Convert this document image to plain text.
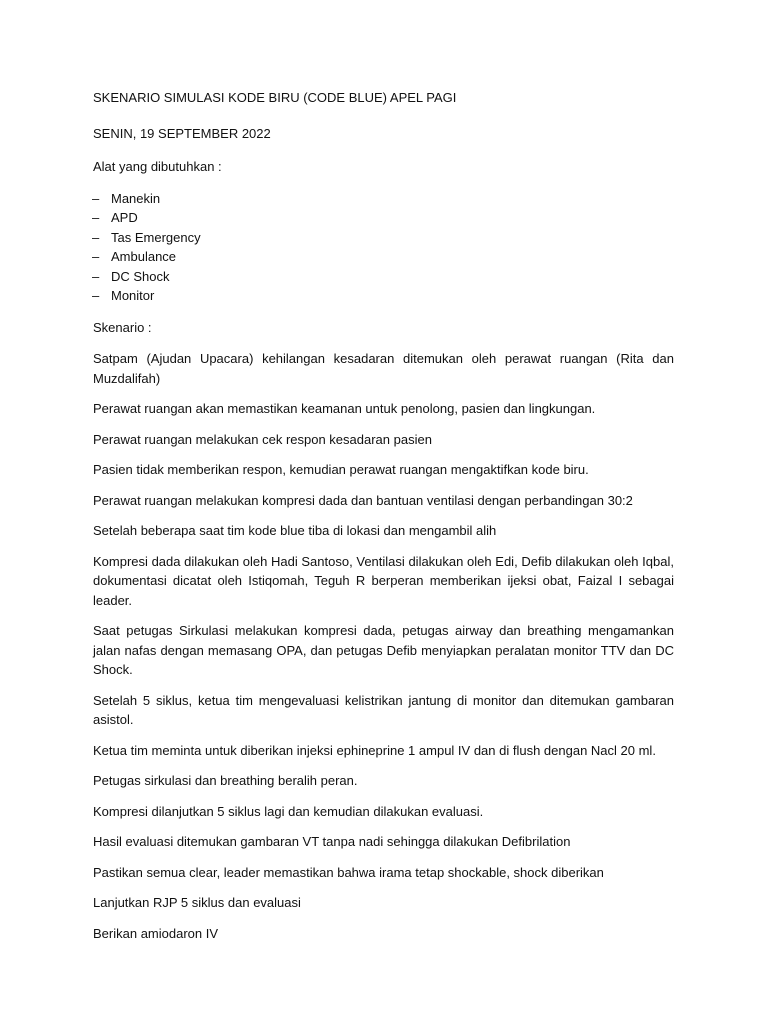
SKENARIO SIMULASI KODE BIRU (CODE BLUE) APEL PAGI
SENIN, 19 SEPTEMBER 2022
Alat yang dibutuhkan :
– Manekin
– APD
– Tas Emergency
– Ambulance
– DC Shock
– Monitor
Skenario :

Satpam (Ajudan Upacara) kehilangan kesadaran ditemukan oleh perawat ruangan (Rita dan Muzdalifah)

Perawat ruangan akan memastikan keamanan untuk penolong, pasien dan lingkungan.

Perawat ruangan melakukan cek respon kesadaran pasien

Pasien tidak memberikan respon, kemudian perawat ruangan mengaktifkan kode biru.

Perawat ruangan melakukan kompresi dada dan bantuan ventilasi dengan perbandingan 30:2

Setelah beberapa saat tim kode blue tiba di lokasi dan mengambil alih

Kompresi dada dilakukan oleh Hadi Santoso, Ventilasi dilakukan oleh Edi, Defib dilakukan oleh Iqbal, dokumentasi dicatat oleh Istiqomah, Teguh R berperan memberikan ijeksi obat, Faizal I sebagai leader.

Saat petugas Sirkulasi melakukan kompresi dada, petugas airway dan breathing mengamankan jalan nafas dengan memasang OPA, dan petugas Defib menyiapkan peralatan monitor TTV dan DC Shock.

Setelah 5 siklus, ketua tim mengevaluasi kelistrikan jantung di monitor dan ditemukan gambaran asistol.

Ketua tim meminta untuk diberikan injeksi ephineprine 1 ampul IV dan di flush dengan Nacl 20 ml.

Petugas sirkulasi dan breathing beralih peran.

Kompresi dilanjutkan 5 siklus lagi dan kemudian dilakukan evaluasi.

Hasil evaluasi ditemukan gambaran VT tanpa nadi sehingga dilakukan Defibrilation

Pastikan semua clear, leader memastikan bahwa irama tetap shockable, shock diberikan

Lanjutkan RJP 5 siklus dan evaluasi

Berikan amiodaron IV
